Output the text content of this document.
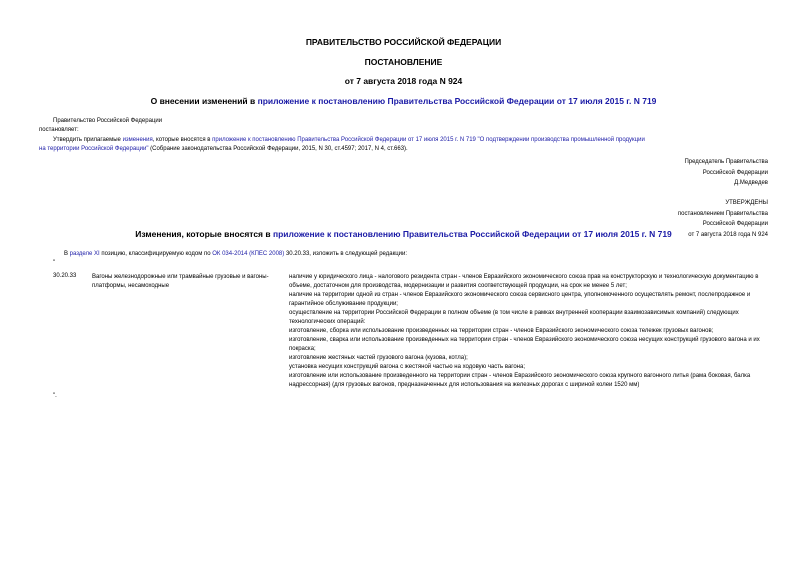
ПРАВИТЕЛЬСТВО РОССИЙСКОЙ ФЕДЕРАЦИИ
ПОСТАНОВЛЕНИЕ
от 7 августа 2018 года N 924
О внесении изменений в приложение к постановлению Правительства Российской Федерации от 17 июля 2015 г. N 719
Правительство Российской Федерации
постановляет:
Утвердить прилагаемые изменения, которые вносятся в приложение к постановлению Правительства Российской Федерации от 17 июля 2015 г. N 719 "О подтверждении производства промышленной продукции
на территории Российской Федерации" (Собрание законодательства Российской Федерации, 2015, N 30, ст.4597; 2017, N 4, ст.663).
Председатель Правительства
Российской Федерации
Д.Медведев
УТВЕРЖДЕНЫ
постановлением Правительства
Российской Федерации
от 7 августа 2018 года N 924
Изменения, которые вносятся в приложение к постановлению Правительства Российской Федерации от 17 июля 2015 г. N 719
В разделе XI позицию, классифицируемую кодом по ОК 034-2014 (КПЕС 2008) 30.20.33, изложить в следующей редакции:
"
30.20.33	Вагоны железнодорожные или трамвайные грузовые и вагоны-платформы, несамоходные
наличие у юридического лица - налогового резидента стран - членов Евразийского экономического союза прав на конструкторскую и технологическую документацию в объеме, достаточном для производства, модернизации и развития соответствующей продукции, на срок не менее 5 лет;
наличие на территории одной из стран - членов Евразийского экономического союза сервисного центра, уполномоченного осуществлять ремонт, послепродажное и гарантийное обслуживание продукции;
осуществление на территории Российской Федерации в полном объеме (в том числе в рамках внутренней кооперации взаимозависимых компаний) следующих технологических операций:
изготовление, сборка или использование произведенных на территории стран - членов Евразийского экономического союза тележек грузовых вагонов;
изготовление, сварка или использование произведенных на территории стран - членов Евразийского экономического союза несущих конструкций грузового вагона и их покраска;
изготовление жестяных частей грузового вагона (кузова, котла);
установка несущих конструкций вагона с жестяной частью на ходовую часть вагона;
изготовление или использование произведенного на территории стран - членов Евразийского экономического союза крупного вагонного литья (рама боковая, балка надрессорная) (для грузовых вагонов, предназначенных для использования на железных дорогах с шириной колеи 1520 мм)
".
